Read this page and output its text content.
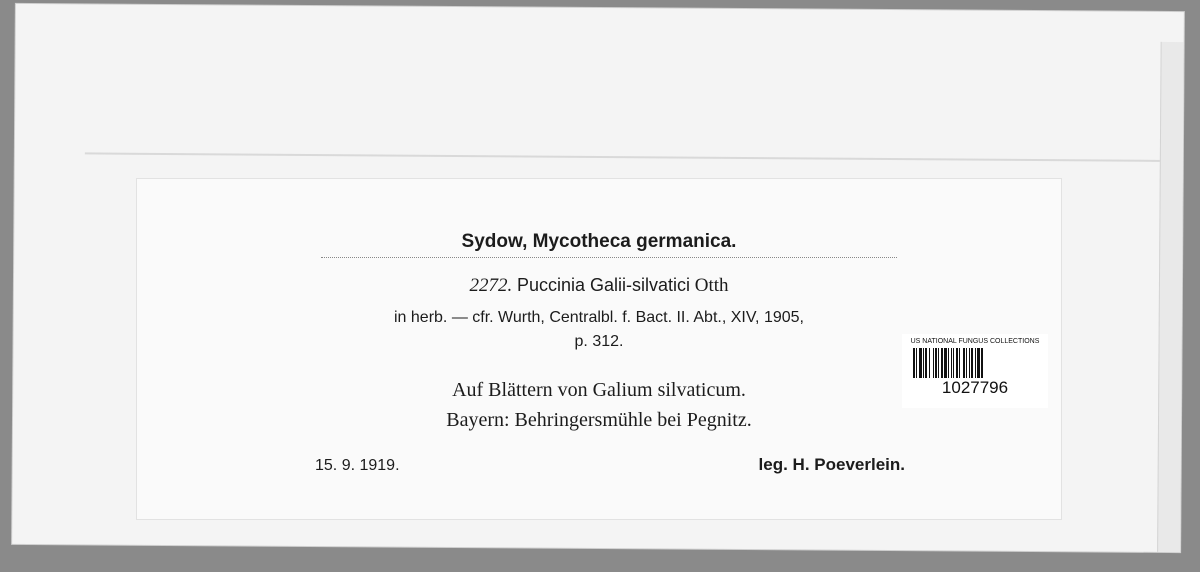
Sydow, Mycotheca germanica.
2272. Puccinia Galii-silvatici Otth
in herb. — cfr. Wurth, Centralbl. f. Bact. II. Abt., XIV, 1905,
p. 312.
Auf Blättern von Galium silvaticum.
Bayern: Behringersmühle bei Pegnitz.
15. 9. 1919.	leg. H. Poeverlein.
US NATIONAL FUNGUS COLLECTIONS
1027796
